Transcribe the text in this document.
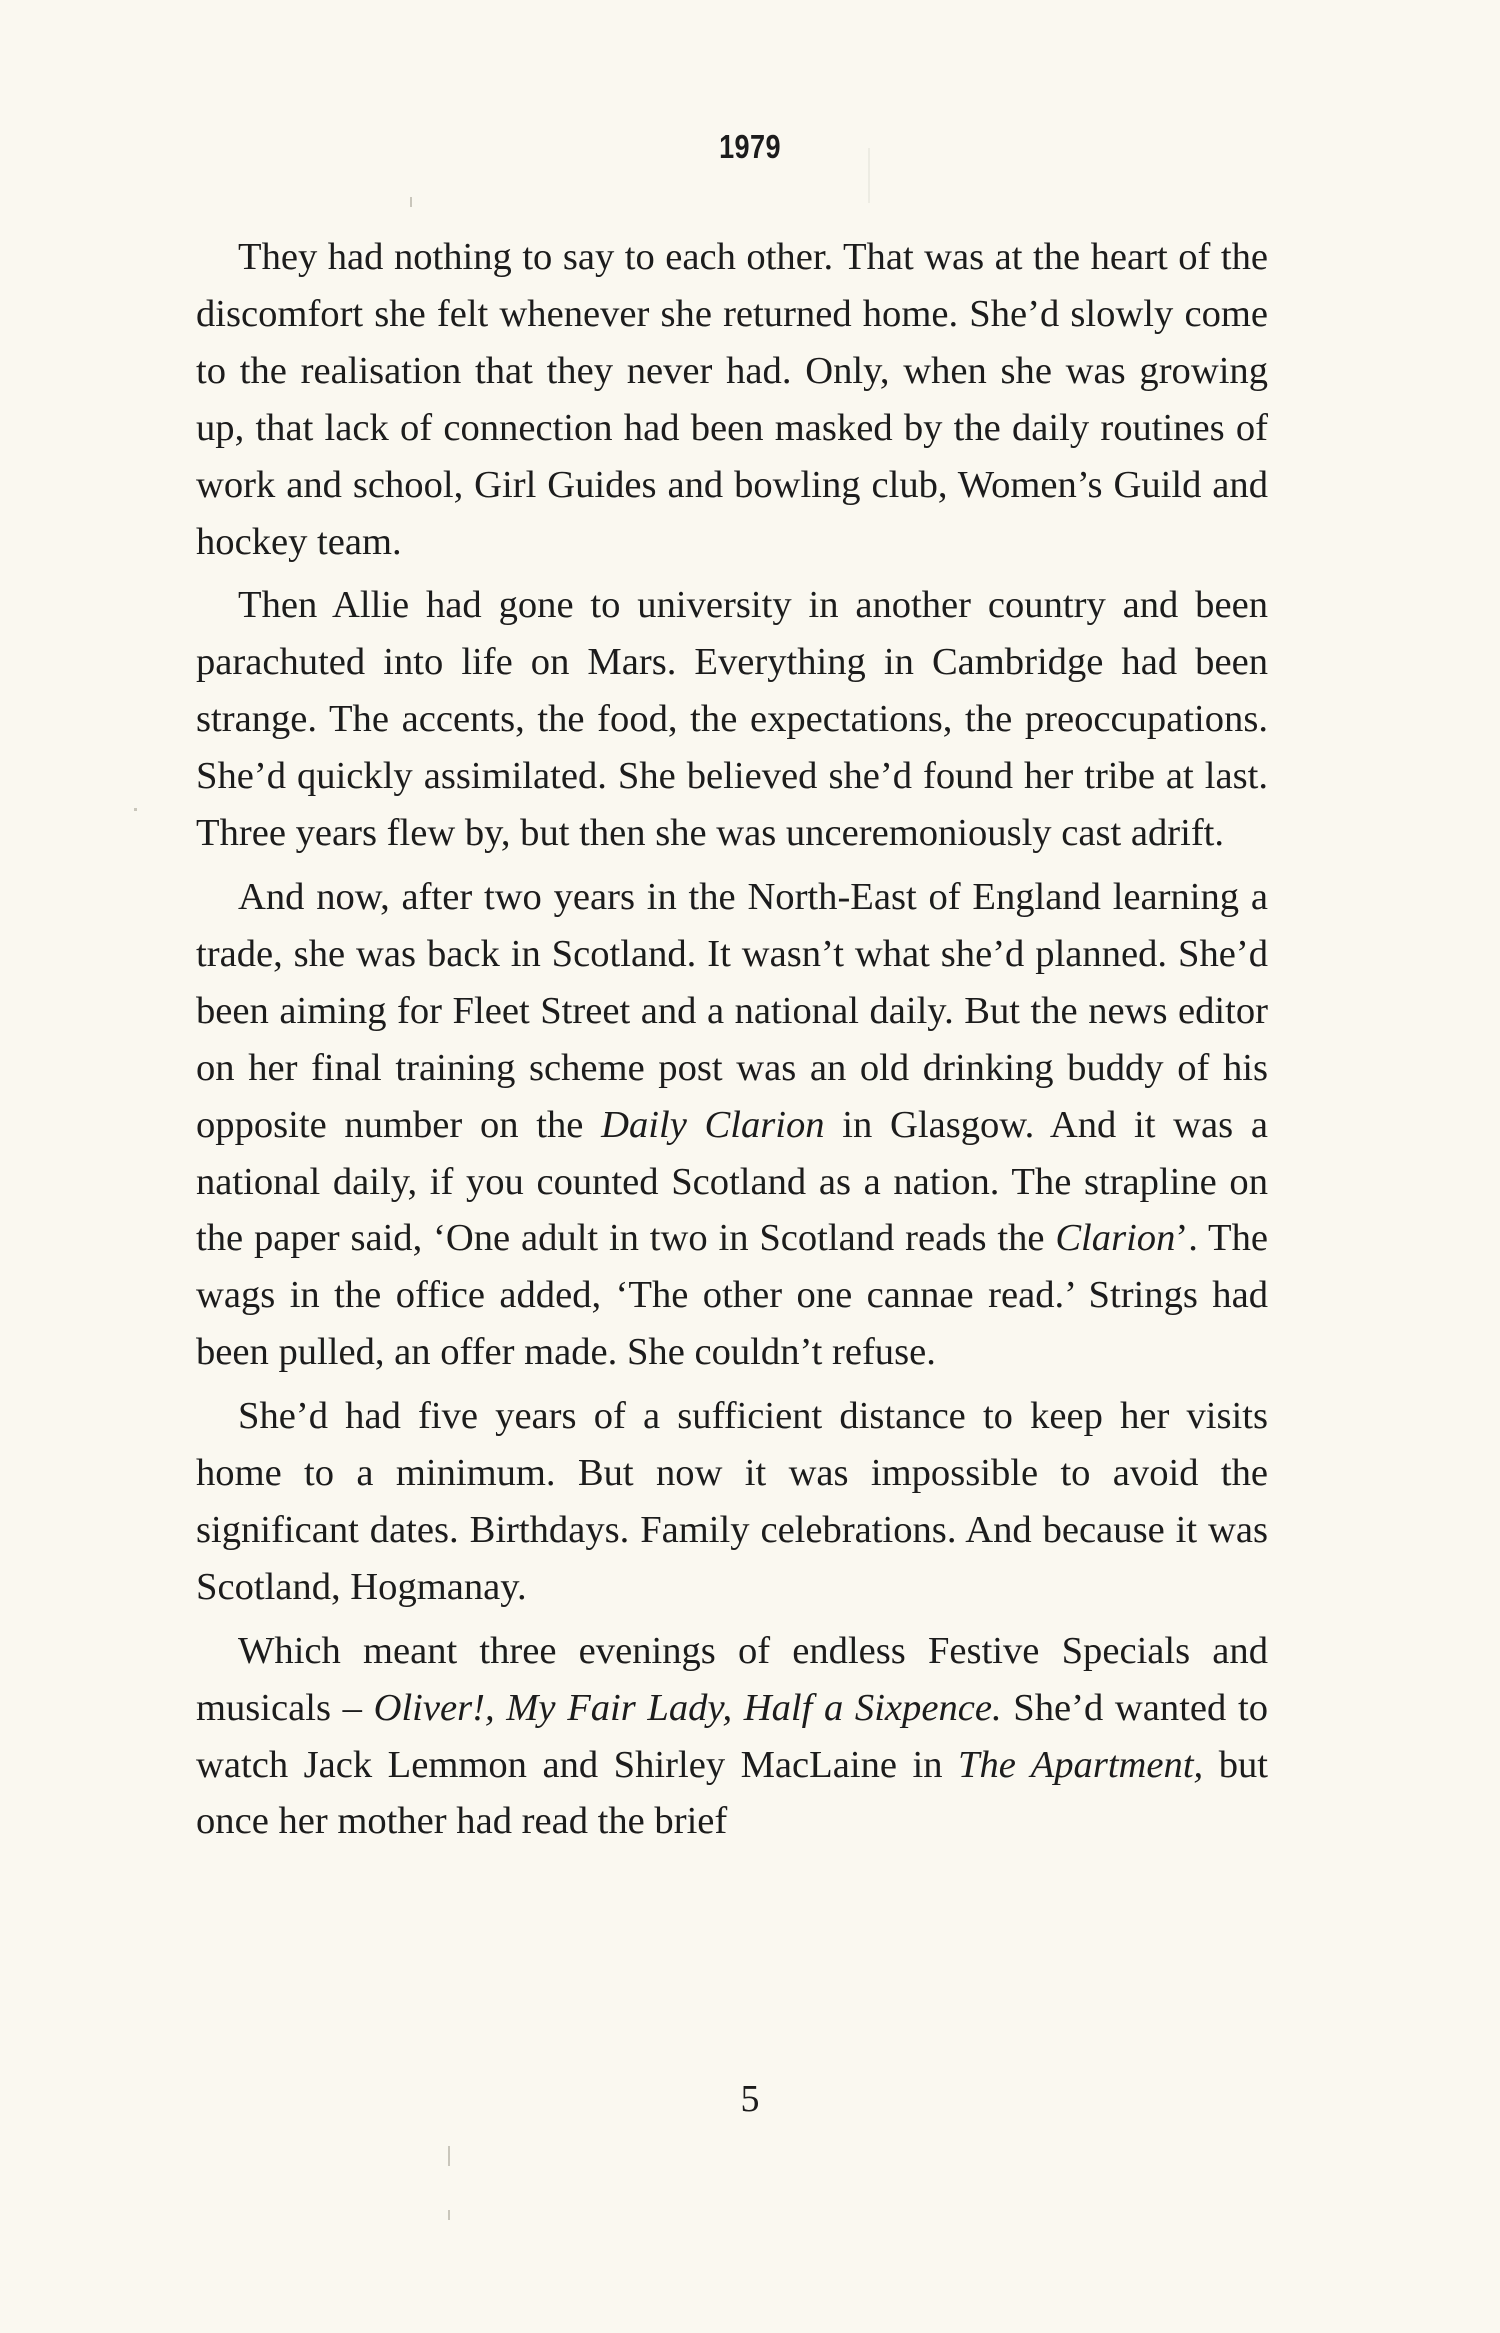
1979

They had nothing to say to each other. That was at the heart of the discomfort she felt whenever she returned home. She’d slowly come to the realisation that they never had. Only, when she was growing up, that lack of connection had been masked by the daily routines of work and school, Girl Guides and bowling club, Women’s Guild and hockey team.

Then Allie had gone to university in another country and been parachuted into life on Mars. Everything in Cambridge had been strange. The accents, the food, the expectations, the preoccupations. She’d quickly assimilated. She believed she’d found her tribe at last. Three years flew by, but then she was unceremoniously cast adrift.

And now, after two years in the North-East of England learning a trade, she was back in Scotland. It wasn’t what she’d planned. She’d been aiming for Fleet Street and a national daily. But the news editor on her final training scheme post was an old drinking buddy of his opposite number on the Daily Clarion in Glasgow. And it was a national daily, if you counted Scotland as a nation. The strapline on the paper said, ‘One adult in two in Scotland reads the Clarion’. The wags in the office added, ‘The other one cannae read.’ Strings had been pulled, an offer made. She couldn’t refuse.

She’d had five years of a sufficient distance to keep her visits home to a minimum. But now it was impossible to avoid the significant dates. Birthdays. Family celebrations. And because it was Scotland, Hogmanay.

Which meant three evenings of endless Festive Specials and musicals – Oliver!, My Fair Lady, Half a Sixpence. She’d wanted to watch Jack Lemmon and Shirley MacLaine in The Apartment, but once her mother had read the brief

5
